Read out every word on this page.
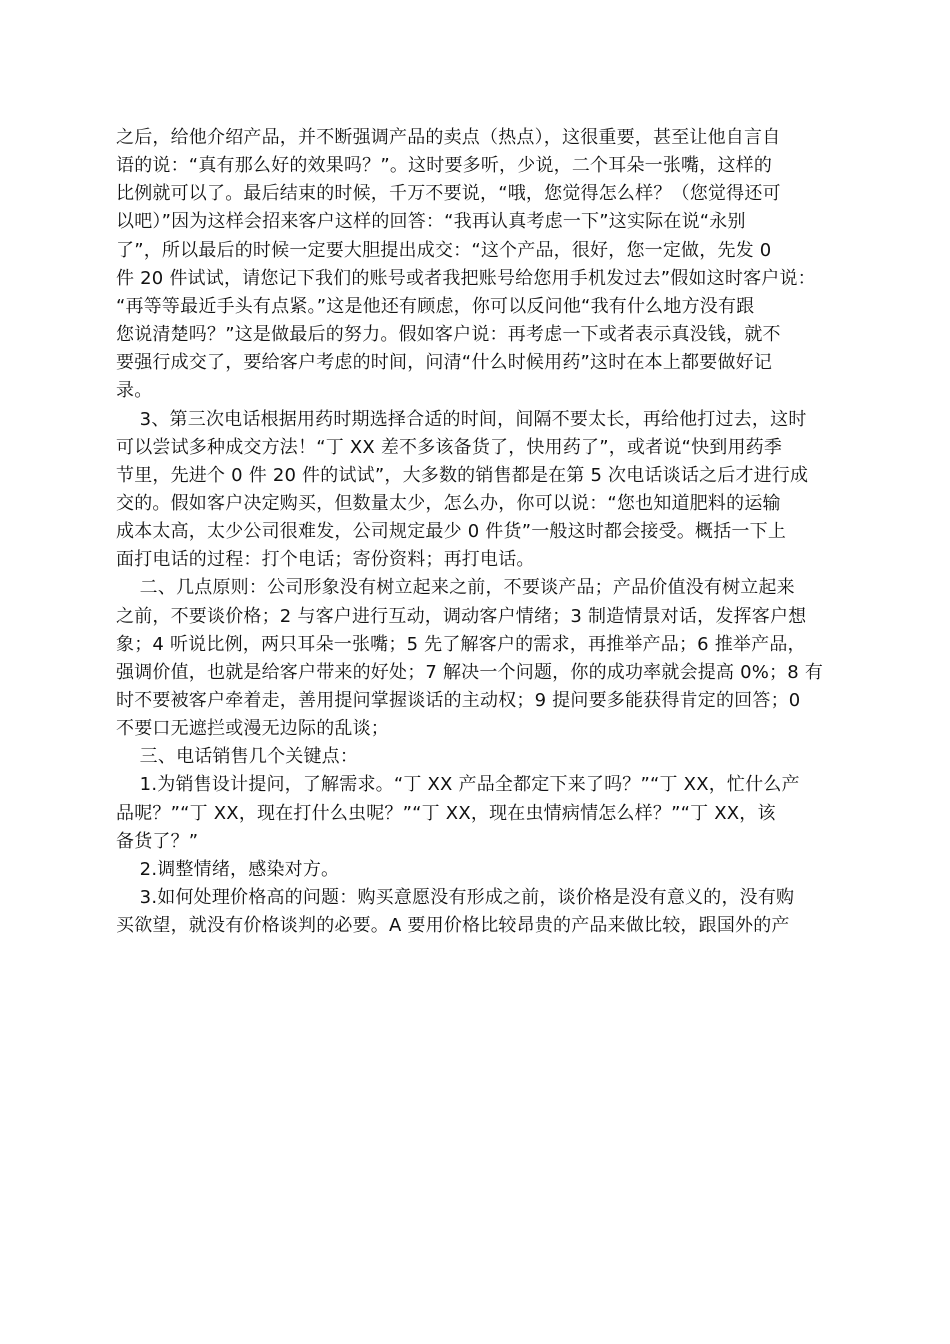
之后，给他介绍产品，并不断强调产品的卖点（热点），这很重要，甚至让他自言自
语的说：“真有那么好的效果吗？”。这时要多听，少说，二个耳朵一张嘴，这样的
比例就可以了。最后结束的时候，千万不要说，“哦，您觉得怎么样？（您觉得还可
以吧）”因为这样会招来客户这样的回答：“我再认真考虑一下”这实际在说“永别
了”，所以最后的时候一定要大胆提出成交：“这个产品，很好，您一定做，先发 0
件 20 件试试，请您记下我们的账号或者我把账号给您用手机发过去”假如这时客户说：
“再等等最近手头有点紧。”这是他还有顾虑，你可以反问他“我有什么地方没有跟
您说清楚吗？”这是做最后的努力。假如客户说：再考虑一下或者表示真没钱，就不
要强行成交了，要给客户考虑的时间，问清“什么时候用药”这时在本上都要做好记
录。
3、第三次电话根据用药时期选择合适的时间，间隔不要太长，再给他打过去，这时
可以尝试多种成交方法！“丁 XX 差不多该备货了，快用药了”，或者说“快到用药季
节里，先进个 0 件 20 件的试试”，大多数的销售都是在第 5 次电话谈话之后才进行成
交的。假如客户决定购买，但数量太少，怎么办，你可以说：“您也知道肥料的运输
成本太高，太少公司很难发，公司规定最少 0 件货”一般这时都会接受。概括一下上
面打电话的过程：打个电话；寄份资料；再打电话。
二、几点原则：公司形象没有树立起来之前，不要谈产品；产品价值没有树立起来
之前，不要谈价格；2 与客户进行互动，调动客户情绪；3 制造情景对话，发挥客户想
象；4 听说比例，两只耳朵一张嘴；5 先了解客户的需求，再推举产品；6 推举产品，
强调价值，也就是给客户带来的好处；7 解决一个问题，你的成功率就会提高 0%；8 有
时不要被客户牵着走，善用提问掌握谈话的主动权；9 提问要多能获得肯定的回答；0
不要口无遮拦或漫无边际的乱谈；
三、电话销售几个关键点：
1.为销售设计提问，了解需求。“丁 XX 产品全都定下来了吗？”“丁 XX，忙什么产
品呢？”“丁 XX，现在打什么虫呢？”“丁 XX，现在虫情病情怎么样？”“丁 XX，该
备货了？”
2.调整情绪，感染对方。
3.如何处理价格高的问题：购买意愿没有形成之前，谈价格是没有意义的，没有购
买欲望，就没有价格谈判的必要。A 要用价格比较昂贵的产品来做比较，跟国外的产
